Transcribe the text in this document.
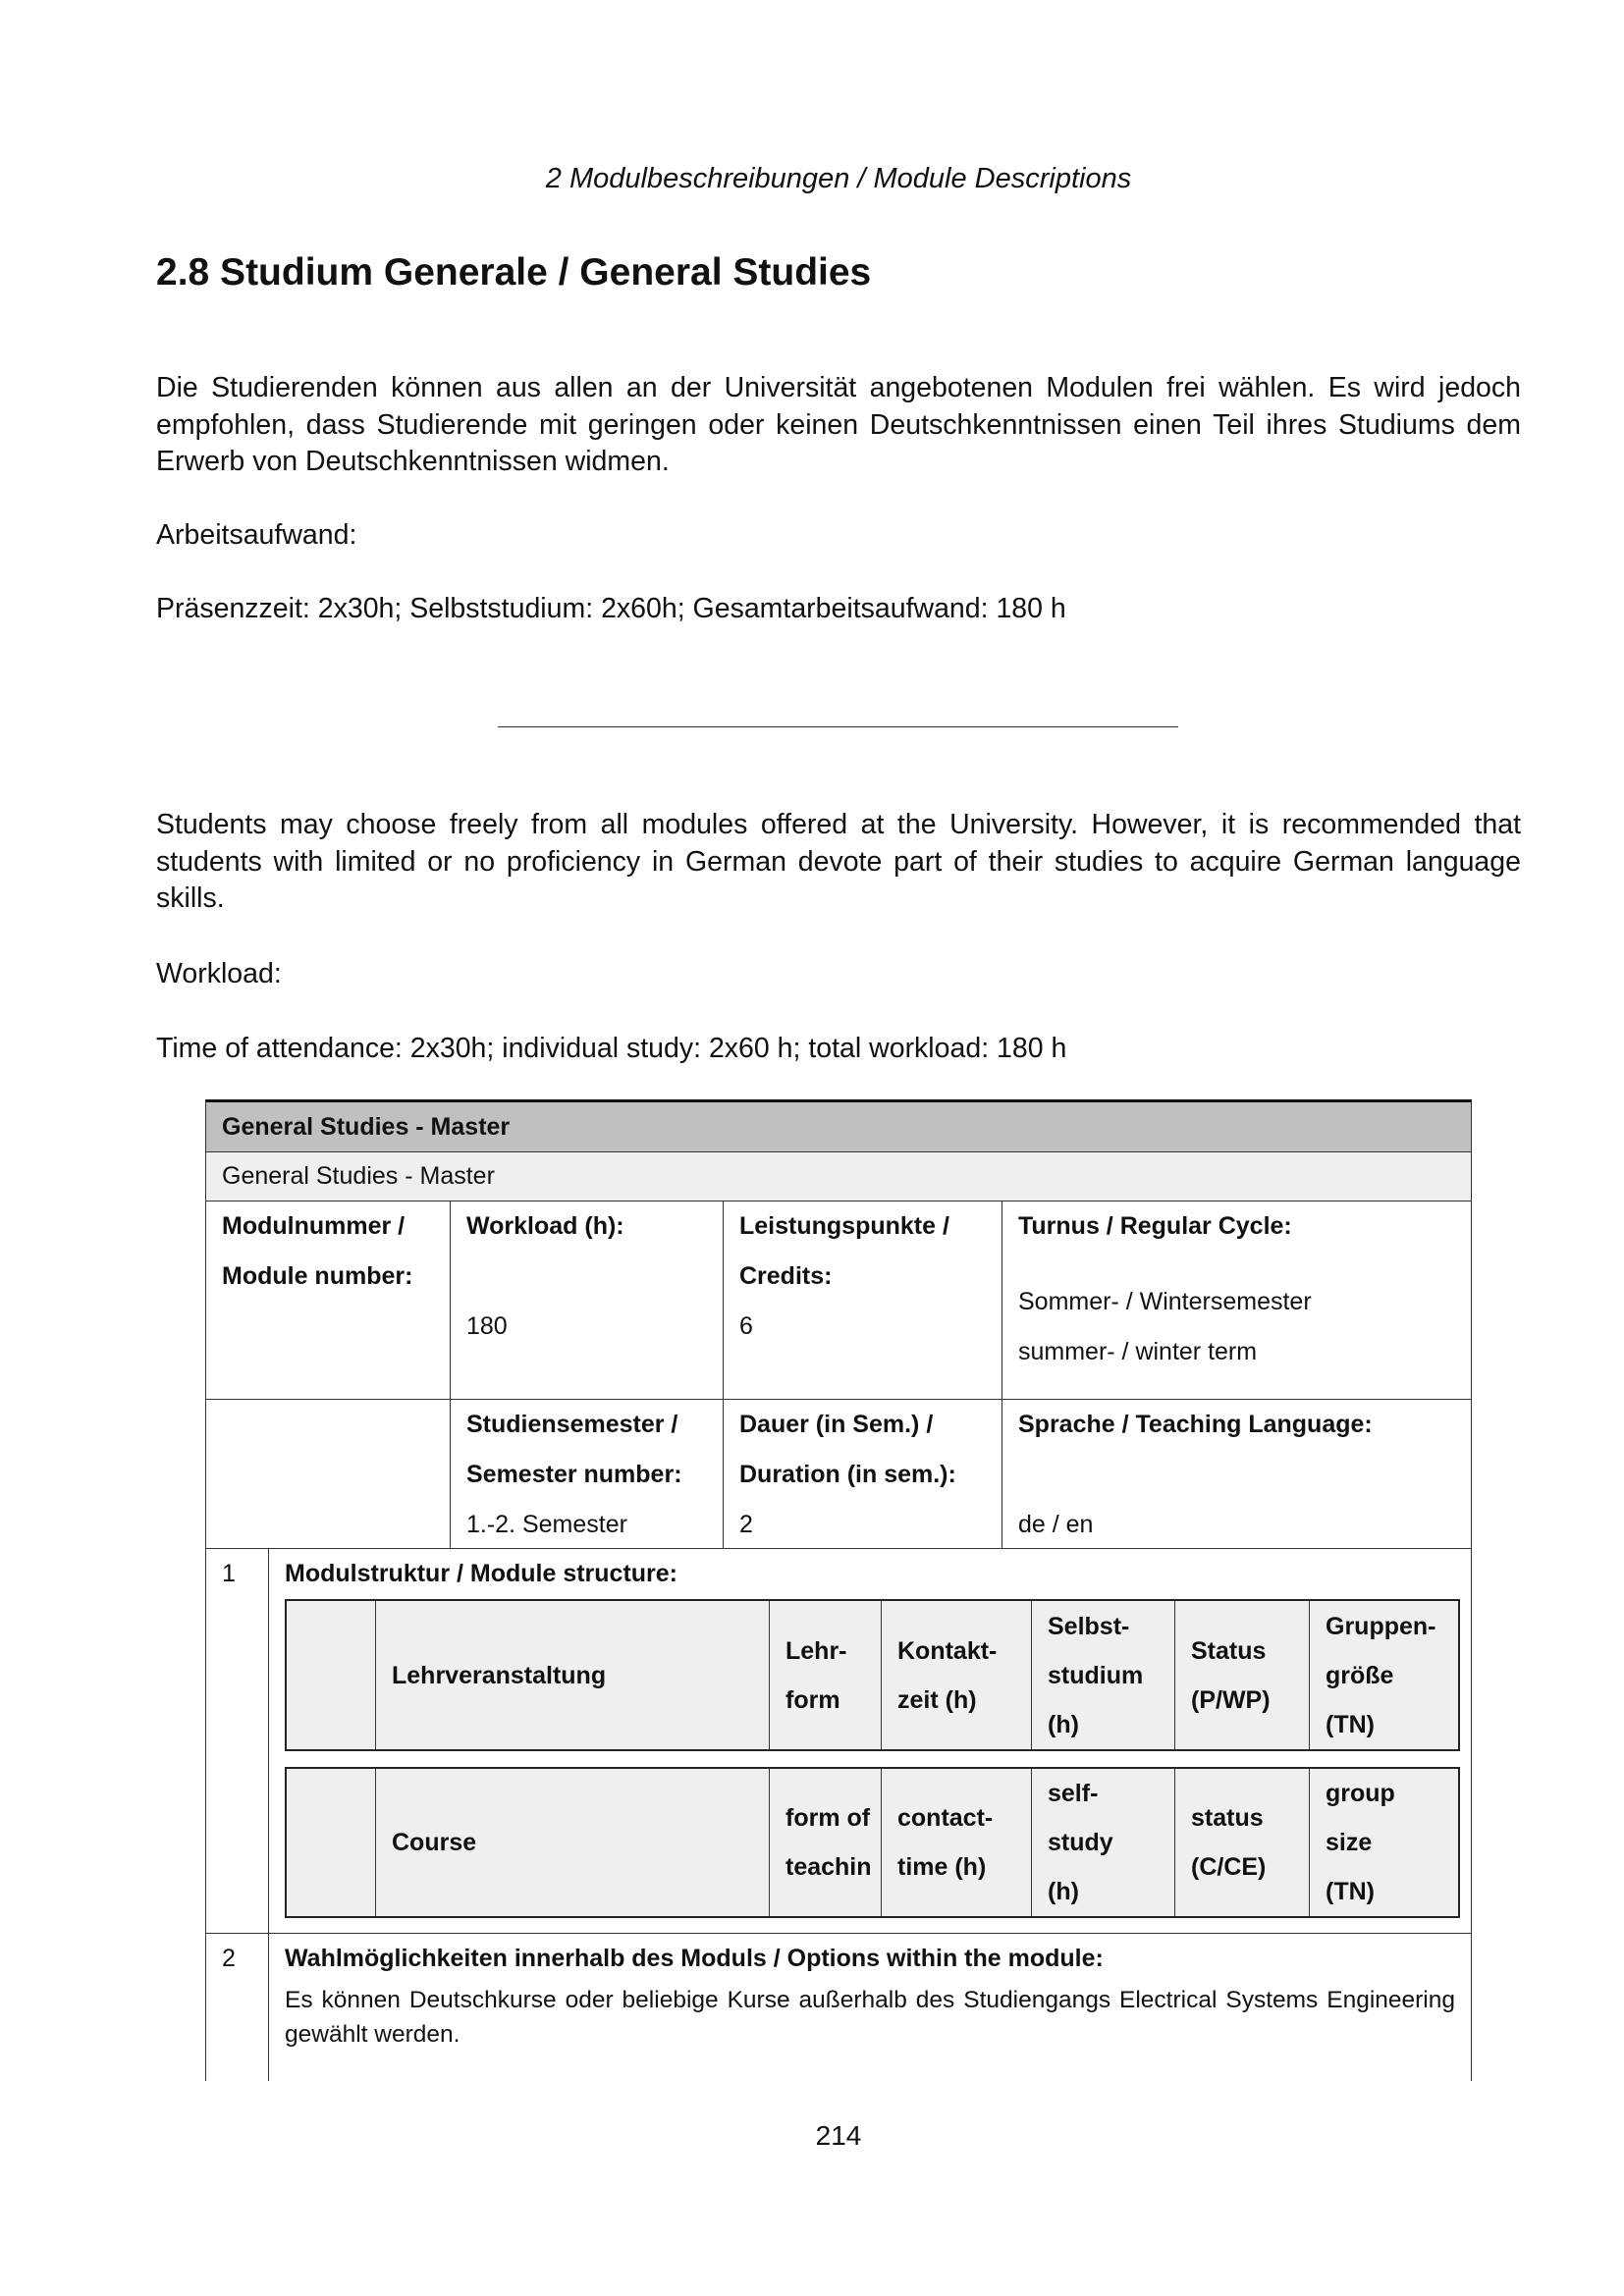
2 Modulbeschreibungen / Module Descriptions
2.8 Studium Generale / General Studies
Die Studierenden können aus allen an der Universität angebotenen Modulen frei wählen. Es wird jedoch empfohlen, dass Studierende mit geringen oder keinen Deutschkenntnissen einen Teil ihres Studiums dem Erwerb von Deutschkenntnissen widmen.
Arbeitsaufwand:
Präsenzzeit: 2x30h; Selbststudium: 2x60h; Gesamtarbeitsaufwand: 180 h
Students may choose freely from all modules offered at the University. However, it is recommended that students with limited or no proficiency in German devote part of their studies to acquire German language skills.
Workload:
Time of attendance: 2x30h; individual study: 2x60 h; total workload: 180 h
General Studies - Master
General Studies - Master
Modulnummer /
Module number:
Workload (h):
180
Leistungspunkte /
Credits:
6
Turnus / Regular Cycle:
Sommer- / Wintersemester
summer- / winter term
Studiensemester /
Semester number:
1.-2. Semester
Dauer (in Sem.) /
Duration (in sem.):
2
Sprache / Teaching Language:
de / en
1	Modulstruktur / Module structure:
Lehrveranstaltung
Lehr-
form
Kontakt-
zeit (h)
Selbst-
studium
(h)
Status
(P/WP)
Gruppen-
größe
(TN)
Course
form of
teachin
contact-
time (h)
self-
study
(h)
status
(C/CE)
group
size
(TN)
2	Wahlmöglichkeiten innerhalb des Moduls / Options within the module:
Es können Deutschkurse oder beliebige Kurse außerhalb des Studiengangs Electrical Systems Engineering gewählt werden.
214
